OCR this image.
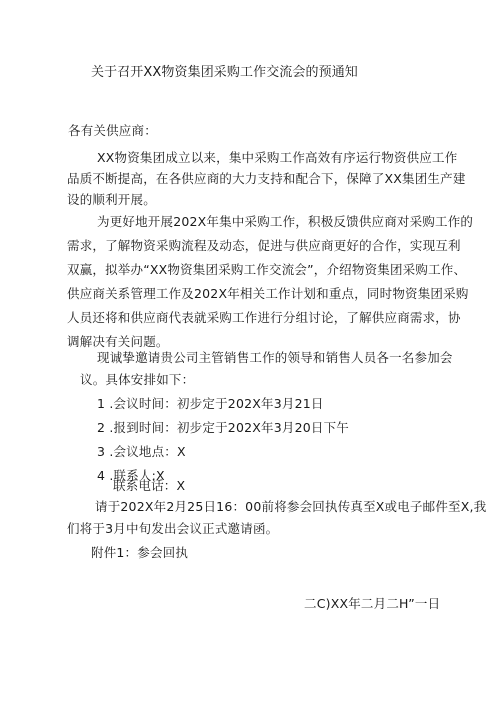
关于召开XX物资集团采购工作交流会的预通知
各有关供应商：
XX物资集团成立以来，集中采购工作高效有序运行物资供应工作
品质不断提高，在各供应商的大力支持和配合下，保障了XX集团生产建
设的顺利开展。
为更好地开展202X年集中采购工作，积极反馈供应商对采购工作的
需求，了解物资采购流程及动态，促进与供应商更好的合作，实现互利
双赢，拟举办“XX物资集团采购工作交流会”，介绍物资集团采购工作、
供应商关系管理工作及202X年相关工作计划和重点，同时物资集团采购
人员还将和供应商代表就采购工作进行分组讨论，了解供应商需求，协
调解决有关问题。
现诚挚邀请贵公司主管销售工作的领导和销售人员各一名参加会
议。具体安排如下：
1 .会议时间：初步定于202X年3月21日
2 .报到时间：初步定于202X年3月20日下午
3 .会议地点：X
4 .联系人:X
联系电话：X
请于202X年2月25日16：00前将参会回执传真至X或电子邮件至X,我
们将于3月中旬发出会议正式邀请函。
附件1：参会回执
二C)XX年二月二H”一日
